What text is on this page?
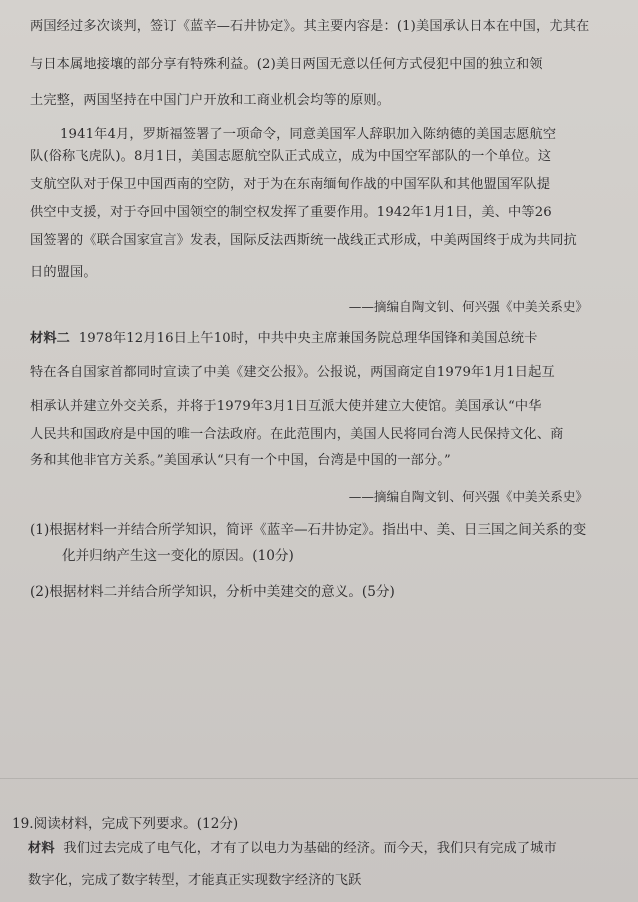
两国经过多次谈判，签订《蓝辛—石井协定》。其主要内容是：(1)美国承认日本在中国，尤其在
与日本属地接壤的部分享有特殊利益。(2)美日两国无意以任何方式侵犯中国的独立和领
土完整，两国坚持在中国门户开放和工商业机会均等的原则。
1941年4月，罗斯福签署了一项命令，同意美国军人辞职加入陈纳德的美国志愿航空
队(俗称飞虎队)。8月1日，美国志愿航空队正式成立，成为中国空军部队的一个单位。这
支航空队对于保卫中国西南的空防，对于为在东南缅甸作战的中国军队和其他盟国军队提
供空中支援，对于夺回中国领空的制空权发挥了重要作用。1942年1月1日，美、中等26
国签署的《联合国家宣言》发表，国际反法西斯统一战线正式形成，中美两国终于成为共同抗
日的盟国。
——摘编自陶文钊、何兴强《中美关系史》
材料二 1978年12月16日上午10时，中共中央主席兼国务院总理华国锋和美国总统卡
特在各自国家首都同时宣读了中美《建交公报》。公报说，两国商定自1979年1月1日起互
相承认并建立外交关系，并将于1979年3月1日互派大使并建立大使馆。美国承认“中华
人民共和国政府是中国的唯一合法政府。在此范围内，美国人民将同台湾人民保持文化、商
务和其他非官方关系。”美国承认“只有一个中国，台湾是中国的一部分。”
——摘编自陶文钊、何兴强《中美关系史》
(1)根据材料一并结合所学知识，简评《蓝辛—石井协定》。指出中、美、日三国之间关系的变
化并归纳产生这一变化的原因。(10分)
(2)根据材料二并结合所学知识，分析中美建交的意义。(5分)
19.阅读材料，完成下列要求。(12分)
材料 我们过去完成了电气化，才有了以电力为基础的经济。而今天，我们只有完成了城市
数字化，完成了数字转型，才能真正实现数字经济的飞跃
